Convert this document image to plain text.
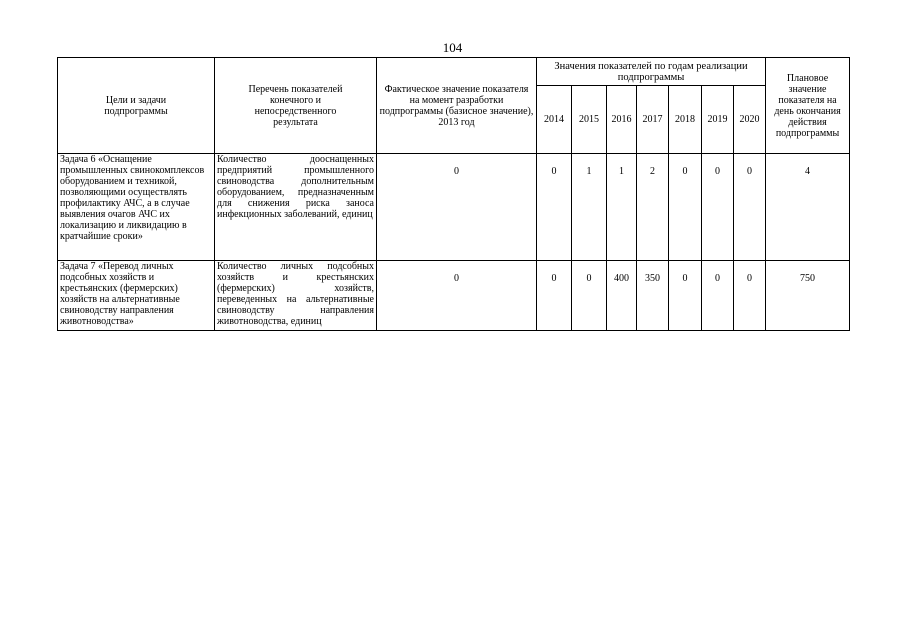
104
Цели и задачи подпрограммы	Перечень показателей конечного и непосредственного результата	Фактическое значение показателя на момент разработки подпрограммы (базисное значение), 2013 год	Значения показателей по годам реализации подпрограммы							Плановое значение показателя на день окончания действия подпрограммы
			2014	2015	2016	2017	2018	2019	2020	
Задача 6 «Оснащение промышленных свинокомплексов оборудованием и техникой, позволяющими осуществлять профилактику АЧС, а в случае выявления очагов АЧС их локализацию и ликвидацию в кратчайшие сроки»	Количество дооснащенных предприятий промышленного свиноводства дополнительным оборудованием, предназначенным для снижения риска заноса инфекционных заболеваний, единиц	0	0	1	1	2	0	0	0	4
Задача 7 «Перевод личных подсобных хозяйств и крестьянских (фермерских) хозяйств на альтернативные свиноводству направления животноводства»	Количество личных подсобных хозяйств и крестьянских (фермерских) хозяйств, переведенных на альтернативные свиноводству направления животноводства, единиц	0	0	0	400	350	0	0	0	750
